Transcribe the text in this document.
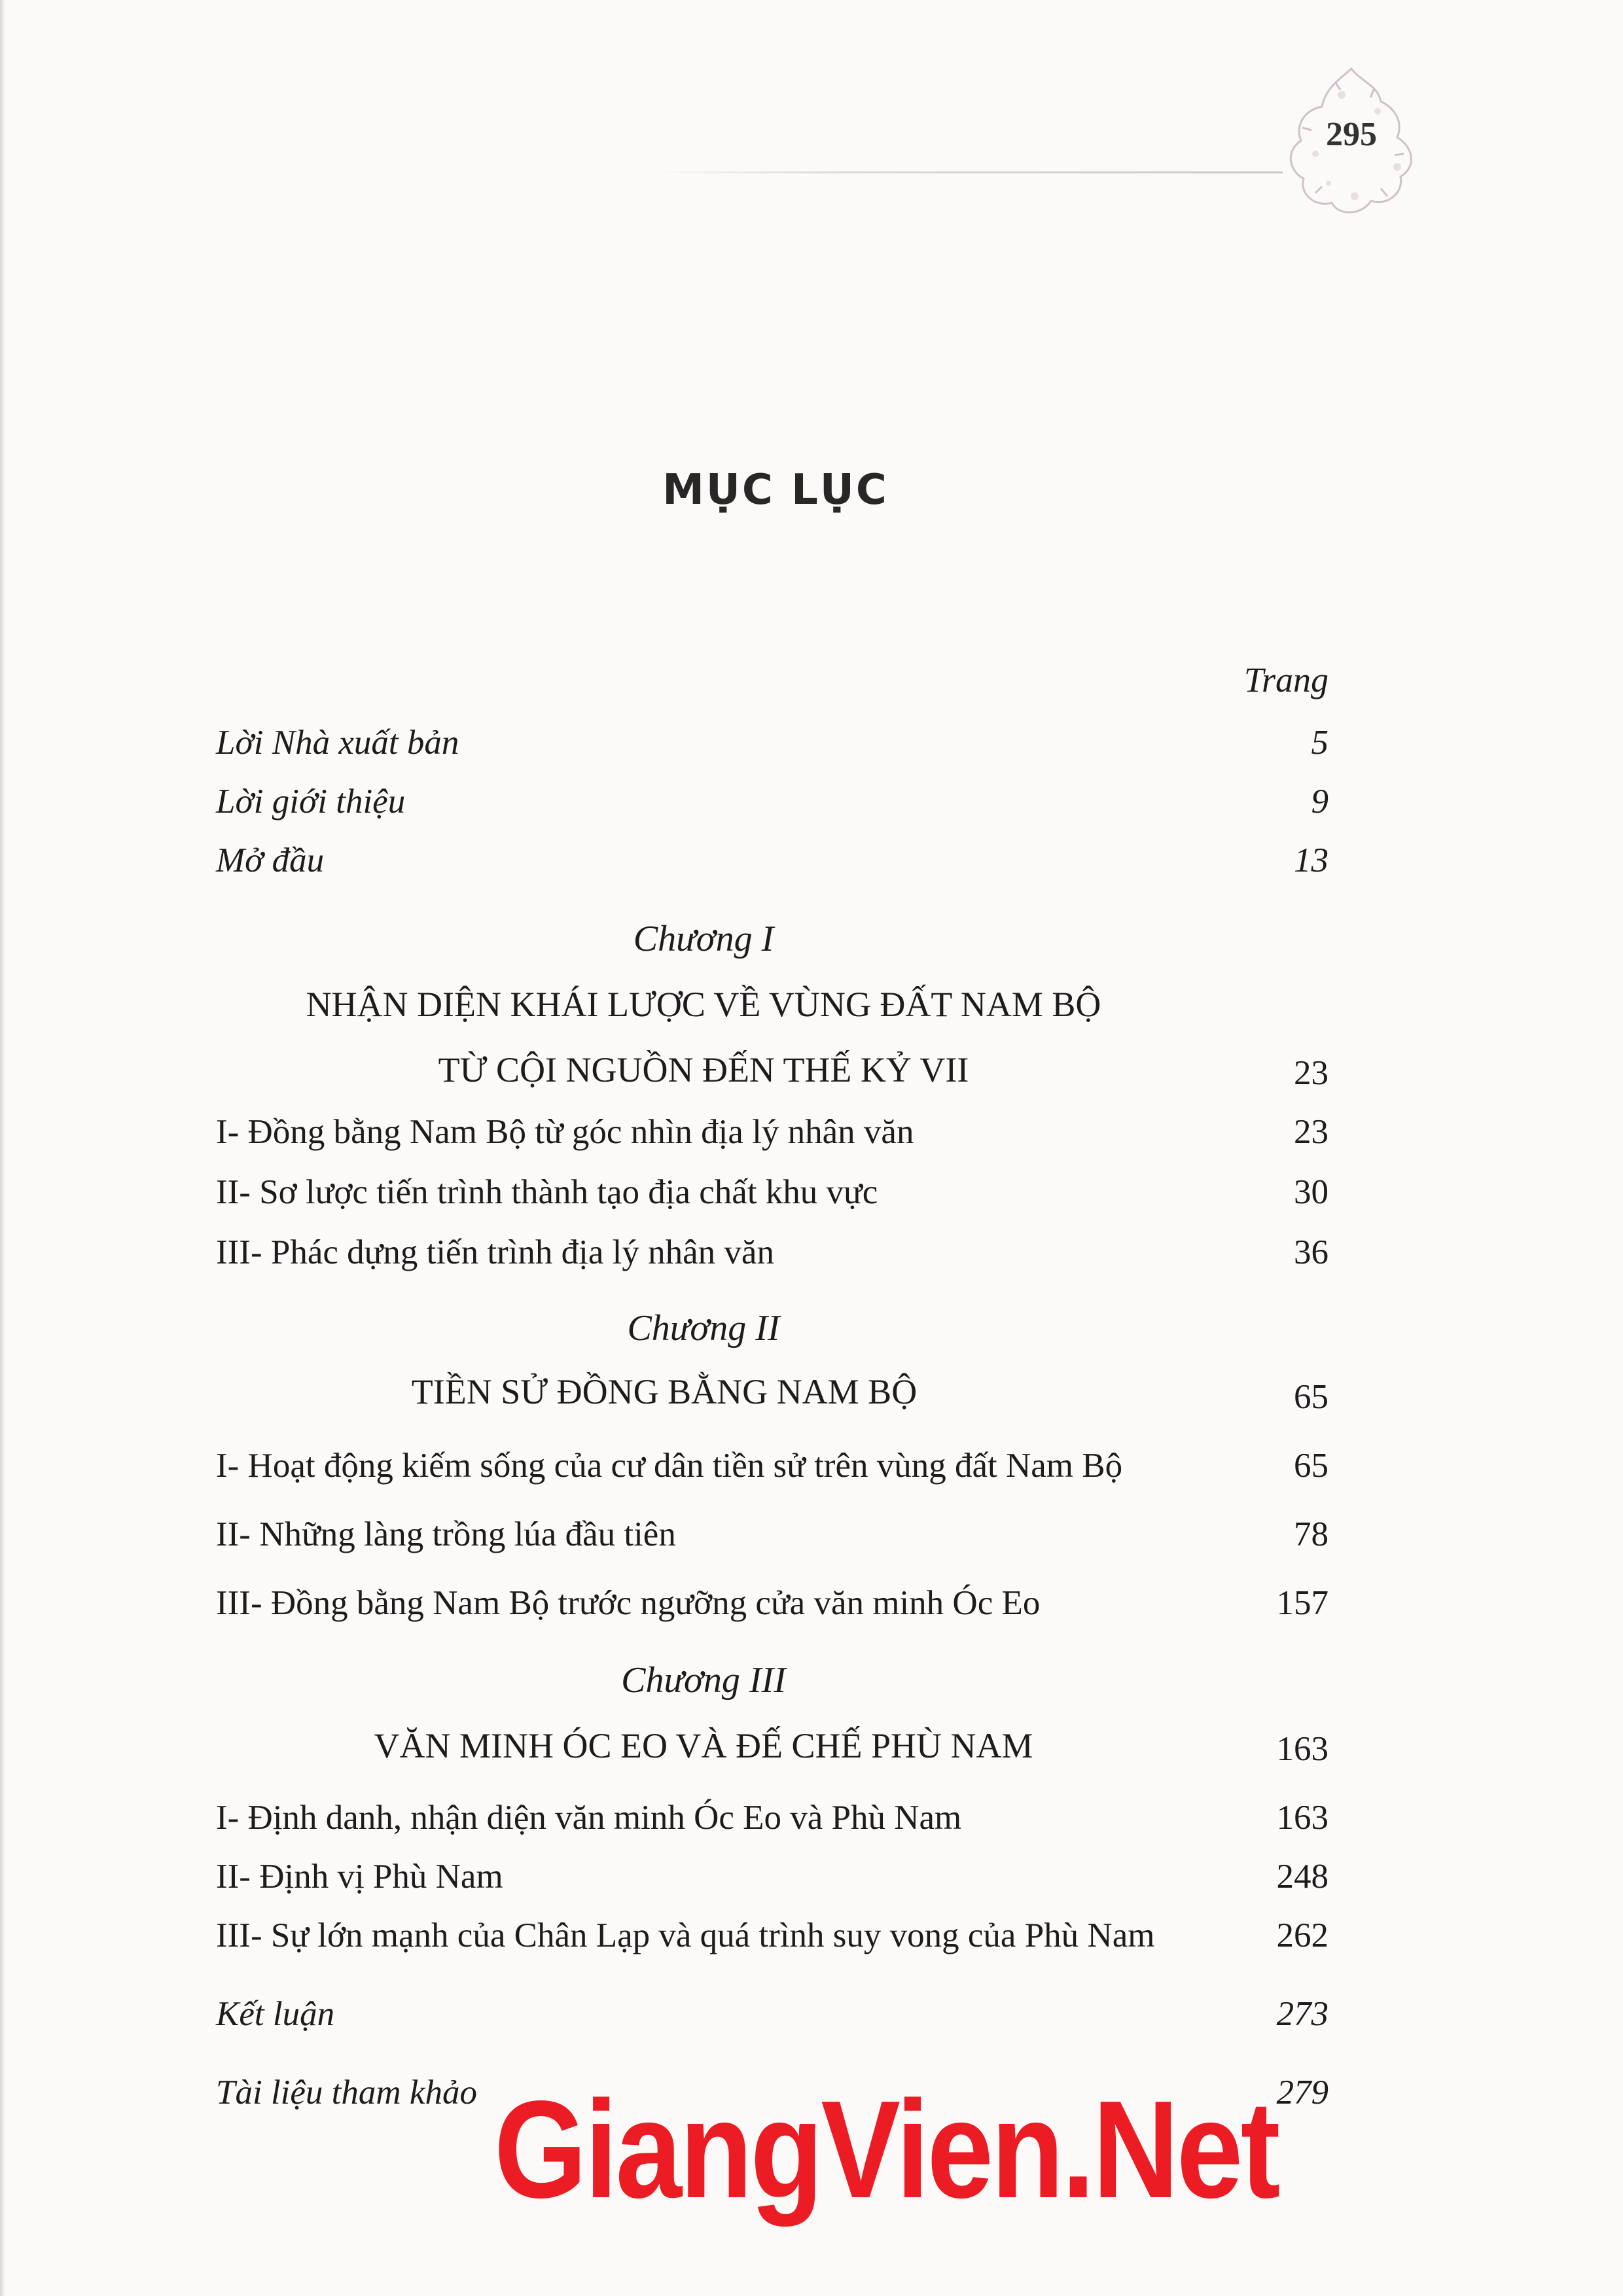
295
MỤC LỤC
Trang
Lời Nhà xuất bản	5
Lời giới thiệu	9
Mở đầu	13
Chương I
NHẬN DIỆN KHÁI LƯỢC VỀ VÙNG ĐẤT NAM BỘ
TỪ CỘI NGUỒN ĐẾN THẾ KỶ VII	23
I- Đồng bằng Nam Bộ từ góc nhìn địa lý nhân văn	23
II- Sơ lược tiến trình thành tạo địa chất khu vực	30
III- Phác dựng tiến trình địa lý nhân văn	36
Chương II
TIỀN SỬ ĐỒNG BẰNG NAM BỘ	65
I- Hoạt động kiếm sống của cư dân tiền sử trên vùng đất Nam Bộ	65
II- Những làng trồng lúa đầu tiên	78
III- Đồng bằng Nam Bộ trước ngưỡng cửa văn minh Óc Eo	157
Chương III
VĂN MINH ÓC EO VÀ ĐẾ CHẾ PHÙ NAM	163
I- Định danh, nhận diện văn minh Óc Eo và Phù Nam	163
II- Định vị Phù Nam	248
III- Sự lớn mạnh của Chân Lạp và quá trình suy vong của Phù Nam	262
Kết luận	273
Tài liệu tham khảo	279
GiangVien.Net
